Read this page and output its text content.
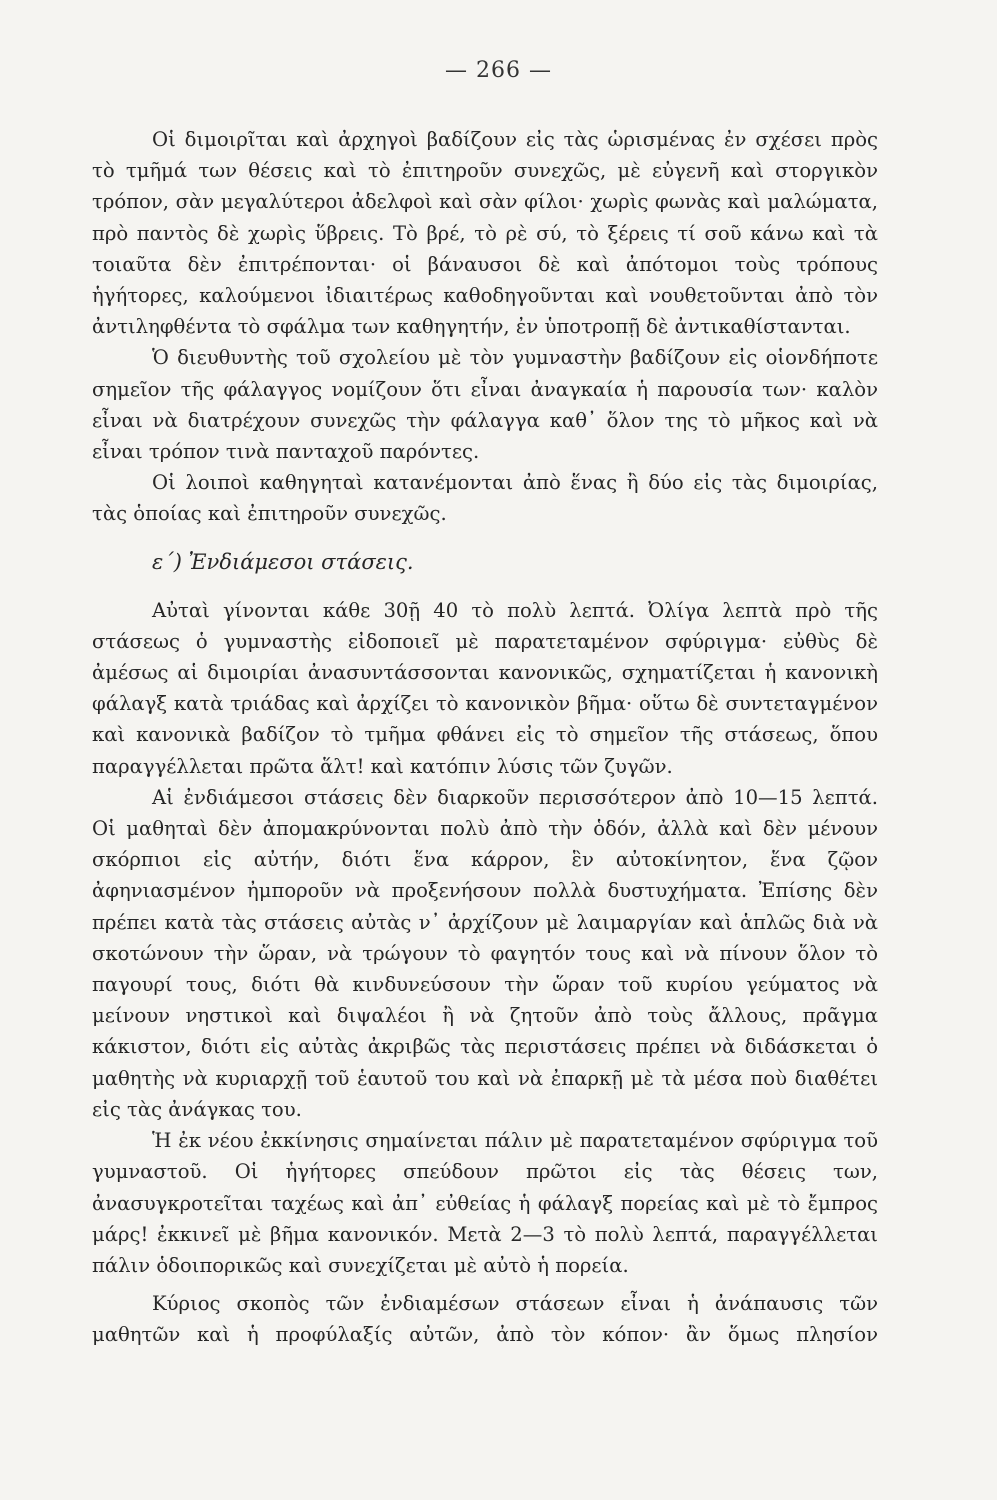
— 266 —

Οἱ διμοιρῖται καὶ ἀρχηγοὶ βαδίζουν εἰς τὰς ὡρισμένας ἐν σχέσει πρὸς τὸ τμῆμά των θέσεις καὶ τὸ ἐπιτηροῦν συνεχῶς, μὲ εὐγενῆ καὶ στοργικὸν τρόπον, σὰν μεγαλύτεροι ἀδελφοὶ καὶ σὰν φίλοι· χωρὶς φωνὰς καὶ μαλώματα, πρὸ παντὸς δὲ χωρὶς ὕβρεις. Τὸ βρέ, τὸ ρὲ σύ, τὸ ξέρεις τί σοῦ κάνω καὶ τὰ τοιαῦτα δὲν ἐπιτρέπονται· οἱ βάναυσοι δὲ καὶ ἀπότομοι τοὺς τρόπους ἡγήτορες, καλούμενοι ἰδιαιτέρως καθοδηγοῦνται καὶ νουθετοῦνται ἀπὸ τὸν ἀντιληφθέντα τὸ σφάλμα των καθηγητήν, ἐν ὑποτροπῇ δὲ ἀντικαθίστανται.

Ὁ διευθυντὴς τοῦ σχολείου μὲ τὸν γυμναστὴν βαδίζουν εἰς οἱονδήποτε σημεῖον τῆς φάλαγγος νομίζουν ὅτι εἶναι ἀναγκαία ἡ παρουσία των· καλὸν εἶναι νὰ διατρέχουν συνεχῶς τὴν φάλαγγα καθ᾽ ὅλον της τὸ μῆκος καὶ νὰ εἶναι τρόπον τινὰ πανταχοῦ παρόντες.

Οἱ λοιποὶ καθηγηταὶ κατανέμονται ἀπὸ ἕνας ἢ δύο εἰς τὰς διμοιρίας, τὰς ὁποίας καὶ ἐπιτηροῦν συνεχῶς.

ε´) Ἐνδιάμεσοι στάσεις.

Αὐταὶ γίνονται κάθε 30ῇ 40 τὸ πολὺ λεπτά. Ὀλίγα λεπτὰ πρὸ τῆς στάσεως ὁ γυμναστὴς εἰδοποιεῖ μὲ παρατεταμένον σφύριγμα· εὐθὺς δὲ ἀμέσως αἱ διμοιρίαι ἀνασυντάσσονται κανονικῶς, σχηματίζεται ἡ κανονικὴ φάλαγξ κατὰ τριάδας καὶ ἀρχίζει τὸ κανονικὸν βῆμα· οὕτω δὲ συντεταγμένον καὶ κανονικὰ βαδίζον τὸ τμῆμα φθάνει εἰς τὸ σημεῖον τῆς στάσεως, ὅπου παραγγέλλεται πρῶτα ἅλτ! καὶ κατόπιν λύσις τῶν ζυγῶν.

Αἱ ἐνδιάμεσοι στάσεις δὲν διαρκοῦν περισσότερον ἀπὸ 10—15 λεπτά. Οἱ μαθηταὶ δὲν ἀπομακρύνονται πολὺ ἀπὸ τὴν ὁδόν, ἀλλὰ καὶ δὲν μένουν σκόρπιοι εἰς αὐτήν, διότι ἕνα κάρρον, ἓν αὐτοκίνητον, ἕνα ζῷον ἀφηνιασμένον ἠμποροῦν νὰ προξενήσουν πολλὰ δυστυχήματα. Ἐπίσης δὲν πρέπει κατὰ τὰς στάσεις αὐτὰς ν᾽ ἀρχίζουν μὲ λαιμαργίαν καὶ ἁπλῶς διὰ νὰ σκοτώνουν τὴν ὥραν, νὰ τρώγουν τὸ φαγητόν τους καὶ νὰ πίνουν ὅλον τὸ παγουρί τους, διότι θὰ κινδυνεύσουν τὴν ὥραν τοῦ κυρίου γεύματος νὰ μείνουν νηστικοὶ καὶ διψαλέοι ἢ νὰ ζητοῦν ἀπὸ τοὺς ἄλλους, πρᾶγμα κάκιστον, διότι εἰς αὐτὰς ἀκριβῶς τὰς περιστάσεις πρέπει νὰ διδάσκεται ὁ μαθητὴς νὰ κυριαρχῇ τοῦ ἑαυτοῦ του καὶ νὰ ἐπαρκῇ μὲ τὰ μέσα ποὺ διαθέτει εἰς τὰς ἀνάγκας του.

Ἡ ἐκ νέου ἐκκίνησις σημαίνεται πάλιν μὲ παρατεταμένον σφύριγμα τοῦ γυμναστοῦ. Οἱ ἡγήτορες σπεύδουν πρῶτοι εἰς τὰς θέσεις των, ἀνασυγκροτεῖται ταχέως καὶ ἀπ᾽ εὐθείας ἡ φάλαγξ πορείας καὶ μὲ τὸ ἔμπρος μάρς! ἐκκινεῖ μὲ βῆμα κανονικόν. Μετὰ 2—3 τὸ πολὺ λεπτά, παραγγέλλεται πάλιν ὁδοιπορικῶς καὶ συνεχίζεται μὲ αὐτὸ ἡ πορεία.

Κύριος σκοπὸς τῶν ἐνδιαμέσων στάσεων εἶναι ἡ ἀνάπαυσις τῶν μαθητῶν καὶ ἡ προφύλαξίς αὐτῶν, ἀπὸ τὸν κόπον· ἂν ὅμως πλησίον
